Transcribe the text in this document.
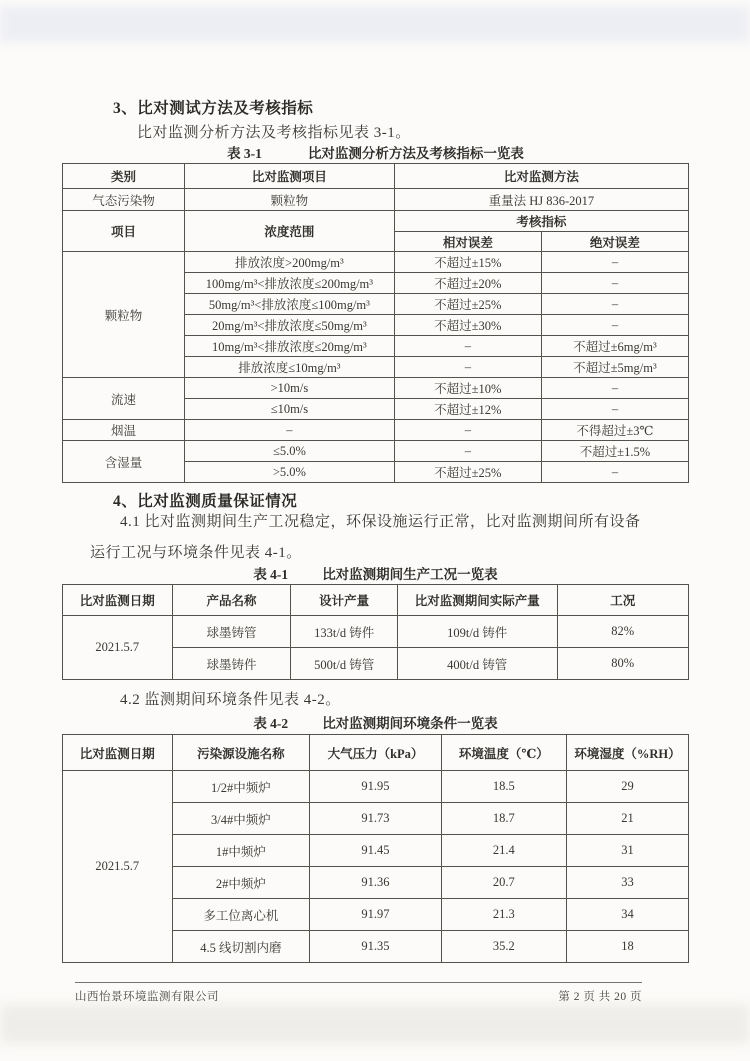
3、比对测试方法及考核指标
比对监测分析方法及考核指标见表 3-1。
表 3-1	比对监测分析方法及考核指标一览表
类别	比对监测项目	比对监测方法	
气态污染物	颗粒物	重量法 HJ 836-2017	
项目	浓度范围	考核指标	
		相对误差	绝对误差
颗粒物	排放浓度>200mg/m³	不超过±15%	–
	100mg/m³<排放浓度≤200mg/m³	不超过±20%	–
	50mg/m³<排放浓度≤100mg/m³	不超过±25%	–
	20mg/m³<排放浓度≤50mg/m³	不超过±30%	–
	10mg/m³<排放浓度≤20mg/m³	–	不超过±6mg/m³
	排放浓度≤10mg/m³	–	不超过±5mg/m³
流速	>10m/s	不超过±10%	–
	≤10m/s	不超过±12%	–
烟温	–	–	不得超过±3℃
含湿量	≤5.0%	–	不超过±1.5%
	>5.0%	不超过±25%	–
4、比对监测质量保证情况
4.1 比对监测期间生产工况稳定，环保设施运行正常，比对监测期间所有设备
运行工况与环境条件见表 4-1。
表 4-1	比对监测期间生产工况一览表
比对监测日期	产品名称	设计产量	比对监测期间实际产量	工况
2021.5.7	球墨铸管	133t/d 铸件	109t/d 铸件	82%
	球墨铸件	500t/d 铸管	400t/d 铸管	80%
4.2 监测期间环境条件见表 4-2。
表 4-2	比对监测期间环境条件一览表
比对监测日期	污染源设施名称	大气压力（kPa）	环境温度（℃）	环境湿度（%RH）
2021.5.7	1/2#中频炉	91.95	18.5	29
	3/4#中频炉	91.73	18.7	21
	1#中频炉	91.45	21.4	31
	2#中频炉	91.36	20.7	33
	多工位离心机	91.97	21.3	34
	4.5 线切割内磨	91.35	35.2	18
山西怡景环境监测有限公司	第 2 页 共 20 页
